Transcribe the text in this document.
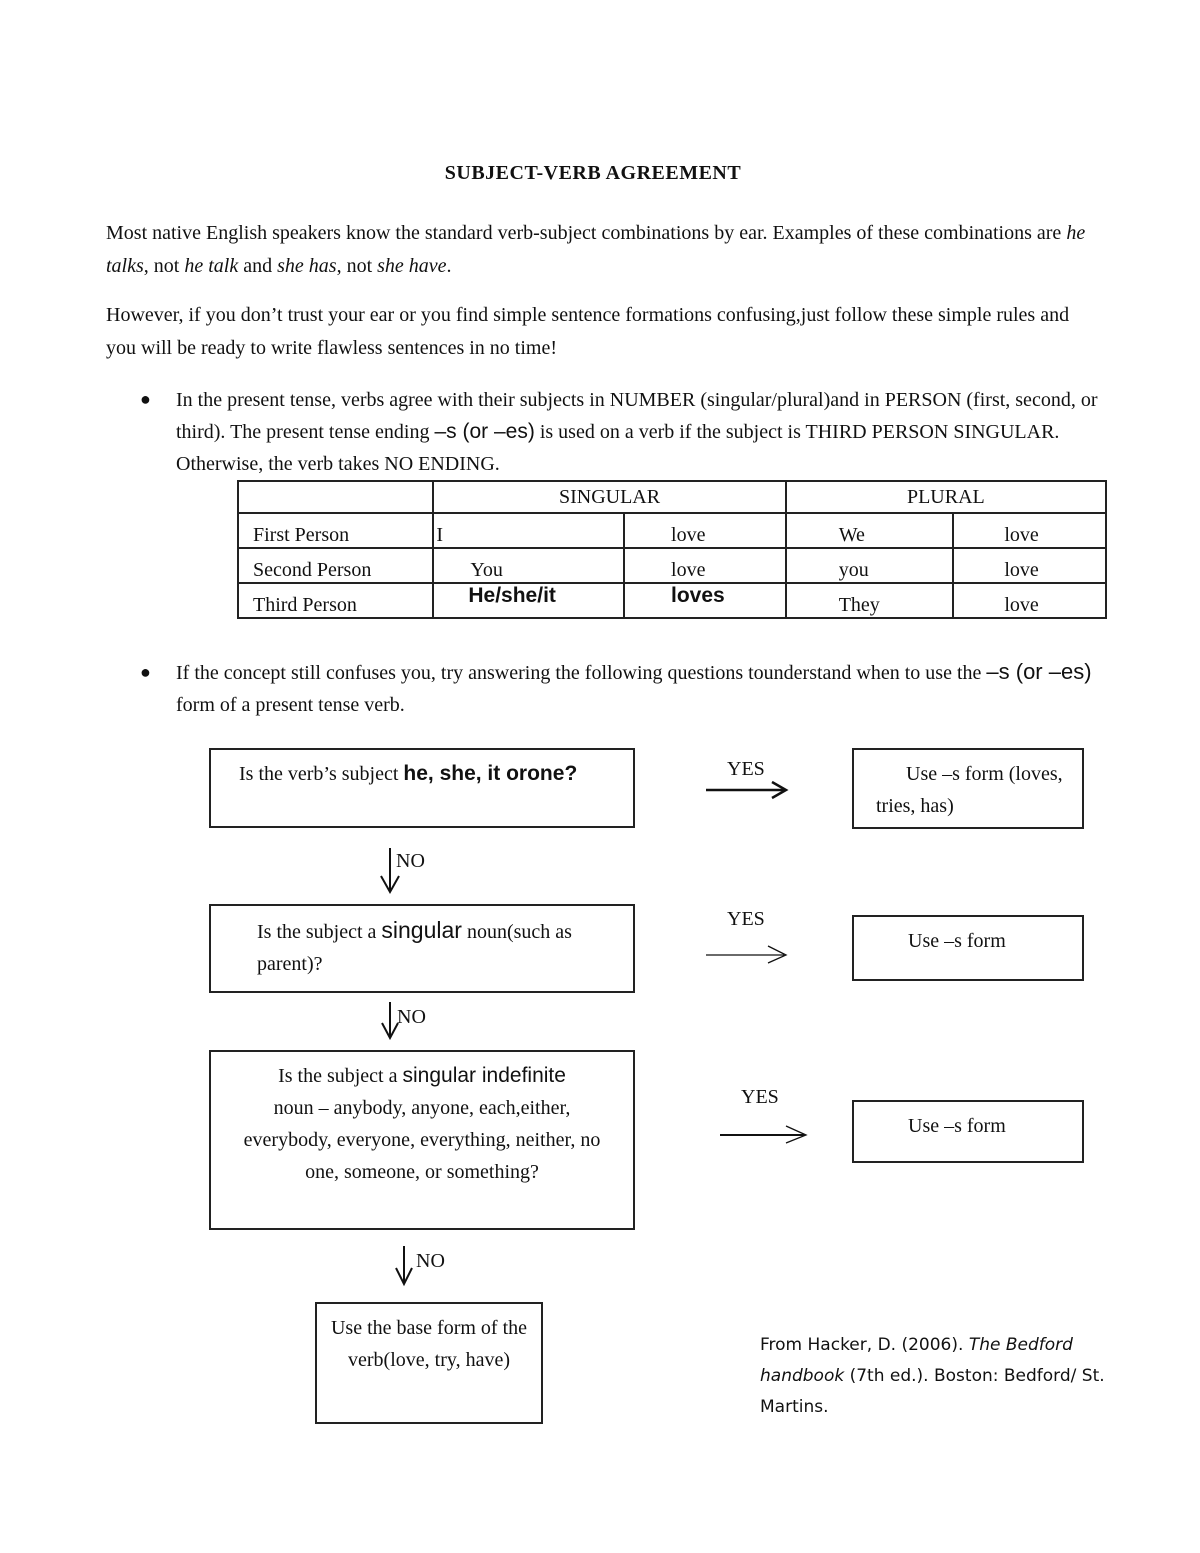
SUBJECT-VERB AGREEMENT
Most native English speakers know the standard verb-subject combinations by ear. Examples of these combinations are he talks, not he talk and she has, not she have.
However, if you don’t trust your ear or you find simple sentence formations confusing,just follow these simple rules and you will be ready to write flawless sentences in no time!
● In the present tense, verbs agree with their subjects in NUMBER (singular/plural)and in PERSON (first, second, or third). The present tense ending –s (or –es) is used on a verb if the subject is THIRD PERSON SINGULAR. Otherwise, the verb takes NO ENDING.
	SINGULAR		PLURAL	
First Person	I	love	We	love
Second Person	You	love	you	love
Third Person	He/she/it	loves	They	love
● If the concept still confuses you, try answering the following questions tounderstand when to use the –s (or –es) form of a present tense verb.
Is the verb’s subject he, she, it orone?
Is the subject a singular noun(such as parent)?
Is the subject a singular indefinite
noun – anybody, anyone, each,either, everybody, everyone, everything, neither, no one, someone, or something?
Use the base form of the verb(love, try, have)
Use –s form (loves, tries, has)
Use –s form
Use –s form
YES
YES
YES
NO
NO
NO
From Hacker, D. (2006). The Bedford handbook (7th ed.). Boston: Bedford/ St. Martins.
